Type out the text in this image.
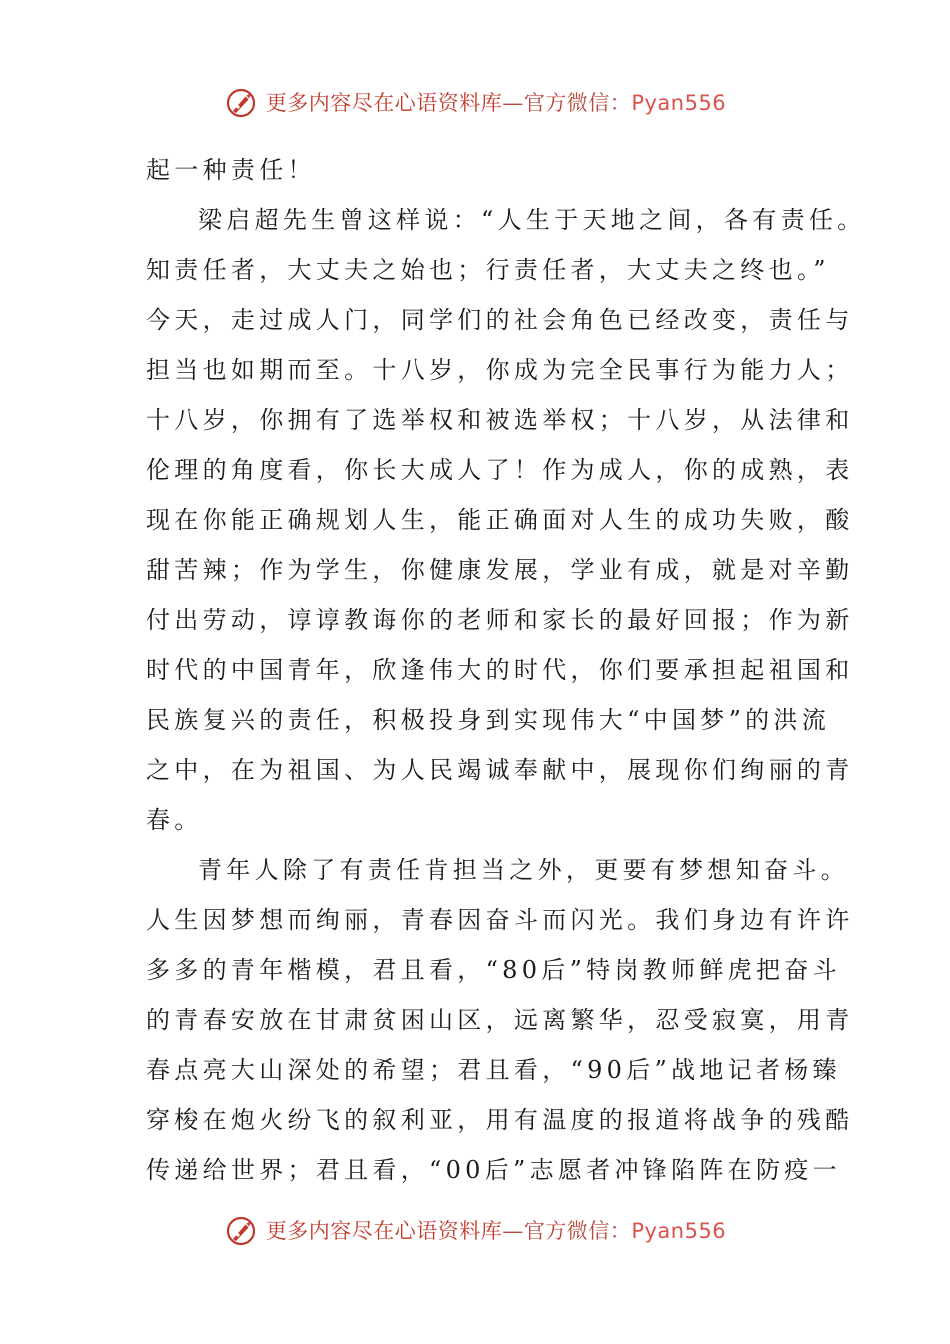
更多内容尽在心语资料库—官方微信：Pyan556
起一种责任！
梁启超先生曾这样说：“人生于天地之间，各有责任。
知责任者，大丈夫之始也；行责任者，大丈夫之终也。”
今天，走过成人门，同学们的社会角色已经改变，责任与
担当也如期而至。十八岁，你成为完全民事行为能力人；
十八岁，你拥有了选举权和被选举权；十八岁，从法律和
伦理的角度看，你长大成人了！作为成人，你的成熟，表
现在你能正确规划人生，能正确面对人生的成功失败，酸
甜苦辣；作为学生，你健康发展，学业有成，就是对辛勤
付出劳动，谆谆教诲你的老师和家长的最好回报；作为新
时代的中国青年，欣逢伟大的时代，你们要承担起祖国和
民族复兴的责任，积极投身到实现伟大“中国梦”的洪流
之中，在为祖国、为人民竭诚奉献中，展现你们绚丽的青
春。
青年人除了有责任肯担当之外，更要有梦想知奋斗。
人生因梦想而绚丽，青春因奋斗而闪光。我们身边有许许
多多的青年楷模，君且看，“80后”特岗教师鲜虎把奋斗
的青春安放在甘肃贫困山区，远离繁华，忍受寂寞，用青
春点亮大山深处的希望；君且看，“90后”战地记者杨臻
穿梭在炮火纷飞的叙利亚，用有温度的报道将战争的残酷
传递给世界；君且看，“00后”志愿者冲锋陷阵在防疫一
更多内容尽在心语资料库—官方微信：Pyan556
